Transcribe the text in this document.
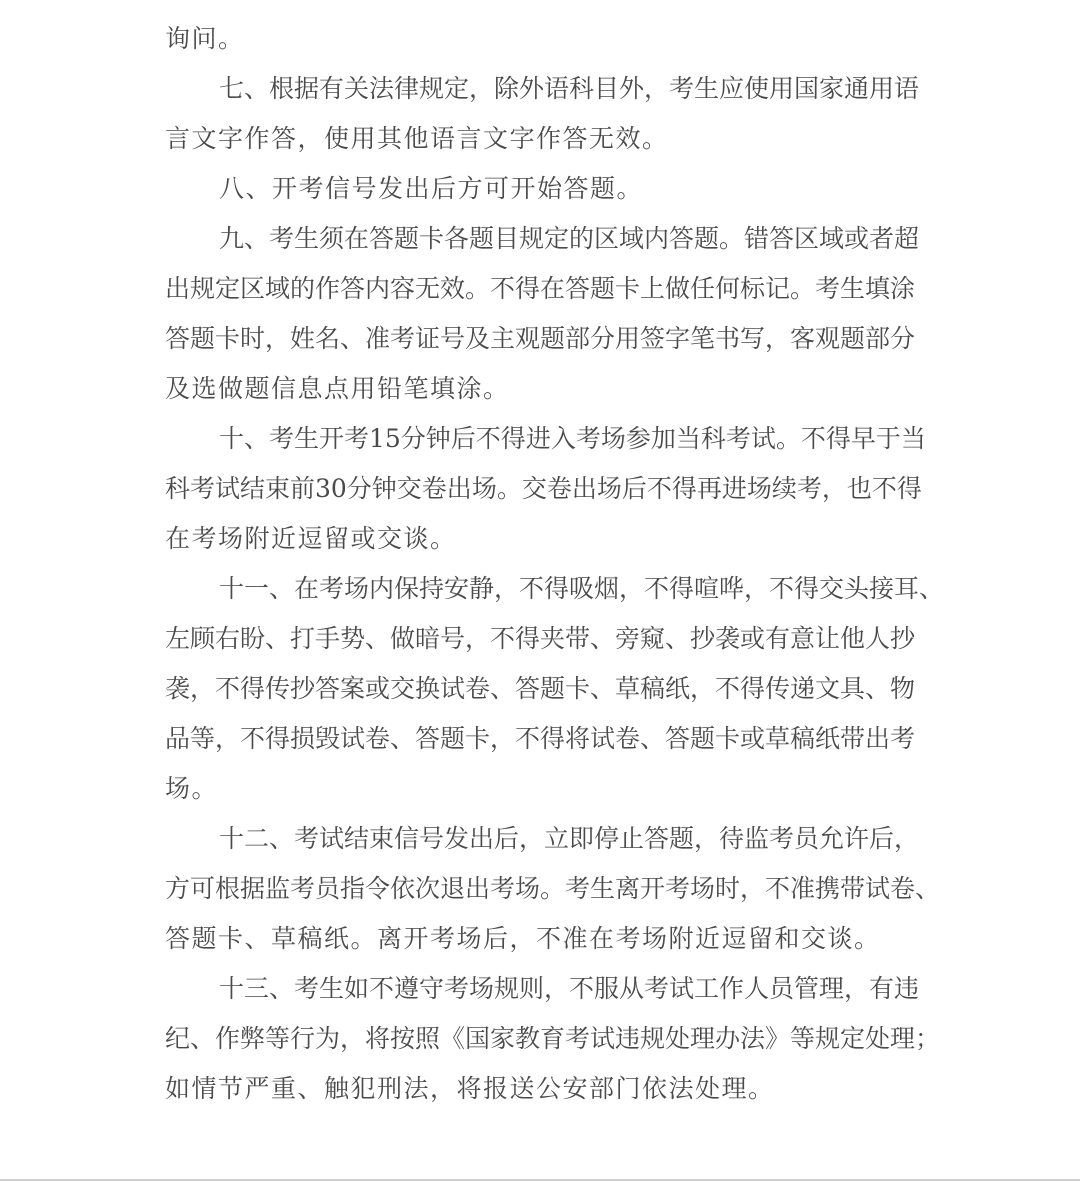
询问。
七、根据有关法律规定，除外语科目外，考生应使用国家通用语
言文字作答，使用其他语言文字作答无效。
八、开考信号发出后方可开始答题。
九、考生须在答题卡各题目规定的区域内答题。错答区域或者超
出规定区域的作答内容无效。不得在答题卡上做任何标记。考生填涂
答题卡时，姓名、准考证号及主观题部分用签字笔书写，客观题部分
及选做题信息点用铅笔填涂。
十、考生开考15分钟后不得进入考场参加当科考试。不得早于当
科考试结束前30分钟交卷出场。交卷出场后不得再进场续考，也不得
在考场附近逗留或交谈。
十一、在考场内保持安静，不得吸烟，不得喧哗，不得交头接耳、
左顾右盼、打手势、做暗号，不得夹带、旁窥、抄袭或有意让他人抄
袭，不得传抄答案或交换试卷、答题卡、草稿纸，不得传递文具、物
品等，不得损毁试卷、答题卡，不得将试卷、答题卡或草稿纸带出考
场。
十二、考试结束信号发出后，立即停止答题，待监考员允许后，
方可根据监考员指令依次退出考场。考生离开考场时，不准携带试卷、
答题卡、草稿纸。离开考场后，不准在考场附近逗留和交谈。
十三、考生如不遵守考场规则，不服从考试工作人员管理，有违
纪、作弊等行为，将按照《国家教育考试违规处理办法》等规定处理；
如情节严重、触犯刑法，将报送公安部门依法处理。
